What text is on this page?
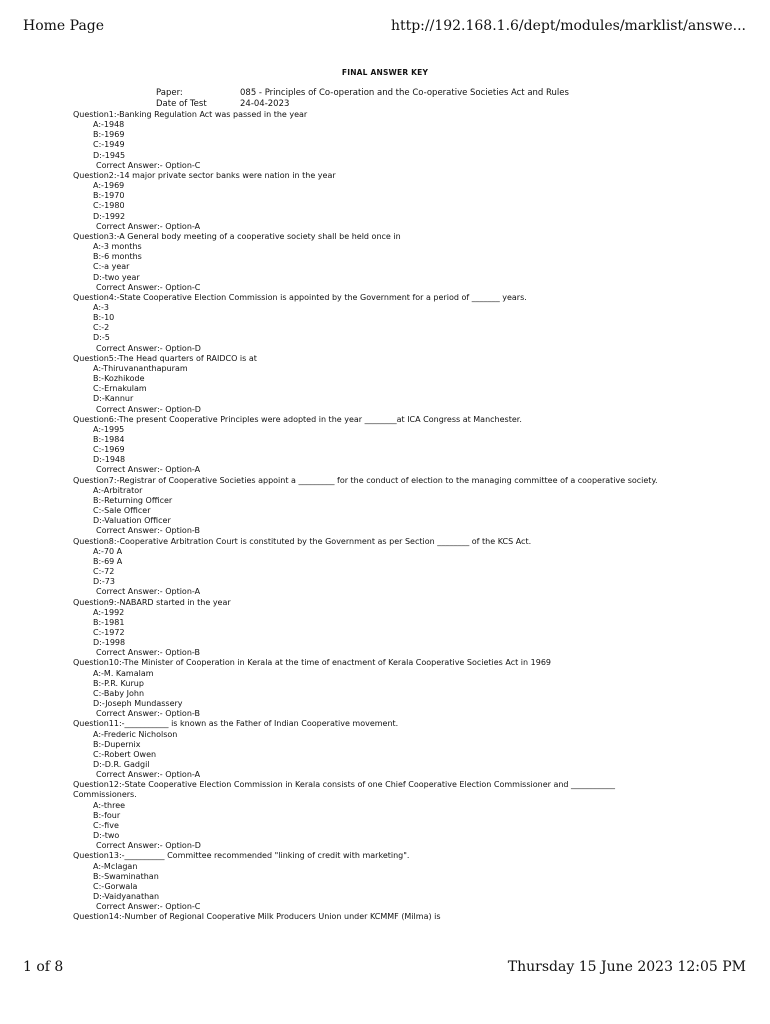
Home Page	http://192.168.1.6/dept/modules/marklist/answe...
FINAL ANSWER KEY
Paper:	085 - Principles of Co-operation and the Co-operative Societies Act and Rules
Date of Test	24-04-2023
Question1:-Banking Regulation Act was passed in the year
A:-1948
B:-1969
C:-1949
D:-1945
Correct Answer:- Option-C
Question2:-14 major private sector banks were nation in the year
A:-1969
B:-1970
C:-1980
D:-1992
Correct Answer:- Option-A
Question3:-A General body meeting of a cooperative society shall be held once in
A:-3 months
B:-6 months
C:-a year
D:-two year
Correct Answer:- Option-C
Question4:-State Cooperative Election Commission is appointed by the Government for a period of _______ years.
A:-3
B:-10
C:-2
D:-5
Correct Answer:- Option-D
Question5:-The Head quarters of RAIDCO is at
A:-Thiruvananthapuram
B:-Kozhikode
C:-Ernakulam
D:-Kannur
Correct Answer:- Option-D
Question6:-The present Cooperative Principles were adopted in the year ________at ICA Congress at Manchester.
A:-1995
B:-1984
C:-1969
D:-1948
Correct Answer:- Option-A
Question7:-Registrar of Cooperative Societies appoint a _________ for the conduct of election to the managing committee of a cooperative society.
A:-Arbitrator
B:-Returning Officer
C:-Sale Officer
D:-Valuation Officer
Correct Answer:- Option-B
Question8:-Cooperative Arbitration Court is constituted by the Government as per Section ________ of the KCS Act.
A:-70 A
B:-69 A
C:-72
D:-73
Correct Answer:- Option-A
Question9:-NABARD started in the year
A:-1992
B:-1981
C:-1972
D:-1998
Correct Answer:- Option-B
Question10:-The Minister of Cooperation in Kerala at the time of enactment of Kerala Cooperative Societies Act in 1969
A:-M. Kamalam
B:-P.R. Kurup
C:-Baby John
D:-Joseph Mundassery
Correct Answer:- Option-B
Question11:-___________ is known as the Father of Indian Cooperative movement.
A:-Frederic Nicholson
B:-Dupernix
C:-Robert Owen
D:-D.R. Gadgil
Correct Answer:- Option-A
Question12:-State Cooperative Election Commission in Kerala consists of one Chief Cooperative Election Commissioner and ___________
Commissioners.
A:-three
B:-four
C:-five
D:-two
Correct Answer:- Option-D
Question13:-__________ Committee recommended "linking of credit with marketing".
A:-Mclagan
B:-Swaminathan
C:-Gorwala
D:-Vaidyanathan
Correct Answer:- Option-C
Question14:-Number of Regional Cooperative Milk Producers Union under KCMMF (Milma) is
1 of 8	Thursday 15 June 2023 12:05 PM
